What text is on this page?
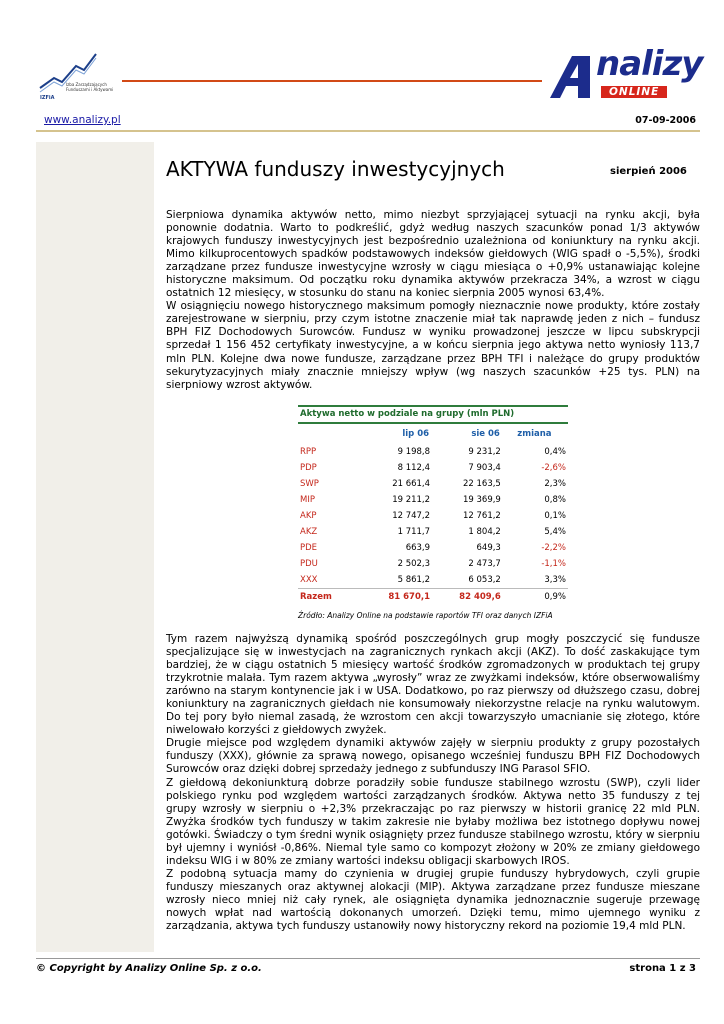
Izba Zarządzających Funduszami i Aktywami
IZFiA
nalizy
ONLINE
www.analizy.pl	07-09-2006
AKTYWA funduszy inwestycyjnych	sierpień 2006
Sierpniowa dynamika aktywów netto, mimo niezbyt sprzyjającej sytuacji na rynku akcji, była ponownie dodatnia. Warto to podkreślić, gdyż według naszych szacunków ponad 1/3 aktywów krajowych funduszy inwestycyjnych jest bezpośrednio uzależniona od koniunktury na rynku akcji. Mimo kilkuprocentowych spadków podstawowych indeksów giełdowych (WIG spadł o -5,5%), środki zarządzane przez fundusze inwestycyjne wzrosły w ciągu miesiąca o +0,9% ustanawiając kolejne historyczne maksimum. Od początku roku dynamika aktywów przekracza 34%, a wzrost w ciągu ostatnich 12 miesięcy, w stosunku do stanu na koniec sierpnia 2005 wynosi 63,4%.
W osiągnięciu nowego historycznego maksimum pomogły nieznacznie nowe produkty, które zostały zarejestrowane w sierpniu, przy czym istotne znaczenie miał tak naprawdę jeden z nich – fundusz BPH FIZ Dochodowych Surowców. Fundusz w wyniku prowadzonej jeszcze w lipcu subskrypcji sprzedał 1 156 452 certyfikaty inwestycyjne, a w końcu sierpnia jego aktywa netto wyniosły 113,7 mln PLN. Kolejne dwa nowe fundusze, zarządzane przez BPH TFI i należące do grupy produktów sekurytyzacyjnych miały znacznie mniejszy wpływ (wg naszych szacunków +25 tys. PLN) na sierpniowy wzrost aktywów.
Aktywa netto w podziale na grupy (mln PLN)
	lip 06	sie 06	zmiana
RPP	9 198,8	9 231,2	0,4%
PDP	8 112,4	7 903,4	-2,6%
SWP	21 661,4	22 163,5	2,3%
MIP	19 211,2	19 369,9	0,8%
AKP	12 747,2	12 761,2	0,1%
AKZ	1 711,7	1 804,2	5,4%
PDE	663,9	649,3	-2,2%
PDU	2 502,3	2 473,7	-1,1%
XXX	5 861,2	6 053,2	3,3%
Razem	81 670,1	82 409,6	0,9%
Źródło: Analizy Online na podstawie raportów TFI oraz danych IZFiA
Tym razem najwyższą dynamiką spośród poszczególnych grup mogły poszczycić się fundusze specjalizujące się w inwestycjach na zagranicznych rynkach akcji (AKZ). To dość zaskakujące tym bardziej, że w ciągu ostatnich 5 miesięcy wartość środków zgromadzonych w produktach tej grupy trzykrotnie malała. Tym razem aktywa „wyrosły” wraz ze zwyżkami indeksów, które obserwowaliśmy zarówno na starym kontynencie jak i w USA. Dodatkowo, po raz pierwszy od dłuższego czasu, dobrej koniunktury na zagranicznych giełdach nie konsumowały niekorzystne relacje na rynku walutowym. Do tej pory było niemal zasadą, że wzrostom cen akcji towarzyszyło umacnianie się złotego, które niwelowało korzyści z giełdowych zwyżek.
Drugie miejsce pod względem dynamiki aktywów zajęły w sierpniu produkty z grupy pozostałych funduszy (XXX), głównie za sprawą nowego, opisanego wcześniej funduszu BPH FIZ Dochodowych Surowców oraz dzięki dobrej sprzedaży jednego z subfunduszy ING Parasol SFIO.
Z giełdową dekoniunkturą dobrze poradziły sobie fundusze stabilnego wzrostu (SWP), czyli lider polskiego rynku pod względem wartości zarządzanych środków. Aktywa netto 35 funduszy z tej grupy wzrosły w sierpniu o +2,3% przekraczając po raz pierwszy w historii granicę 22 mld PLN. Zwyżka środków tych funduszy w takim zakresie nie byłaby możliwa bez istotnego dopływu nowej gotówki. Świadczy o tym średni wynik osiągnięty przez fundusze stabilnego wzrostu, który w sierpniu był ujemny i wyniósł -0,86%. Niemal tyle samo co kompozyt złożony w 20% ze zmiany giełdowego indeksu WIG i w 80% ze zmiany wartości indeksu obligacji skarbowych IROS.
Z podobną sytuacja mamy do czynienia w drugiej grupie funduszy hybrydowych, czyli grupie funduszy mieszanych oraz aktywnej alokacji (MIP). Aktywa zarządzane przez fundusze mieszane wzrosły nieco mniej niż cały rynek, ale osiągnięta dynamika jednoznacznie sugeruje przewagę nowych wpłat nad wartością dokonanych umorzeń. Dzięki temu, mimo ujemnego wyniku z zarządzania, aktywa tych funduszy ustanowiły nowy historyczny rekord na poziomie 19,4 mld PLN.
© Copyright by Analizy Online Sp. z o.o.	strona 1 z 3
